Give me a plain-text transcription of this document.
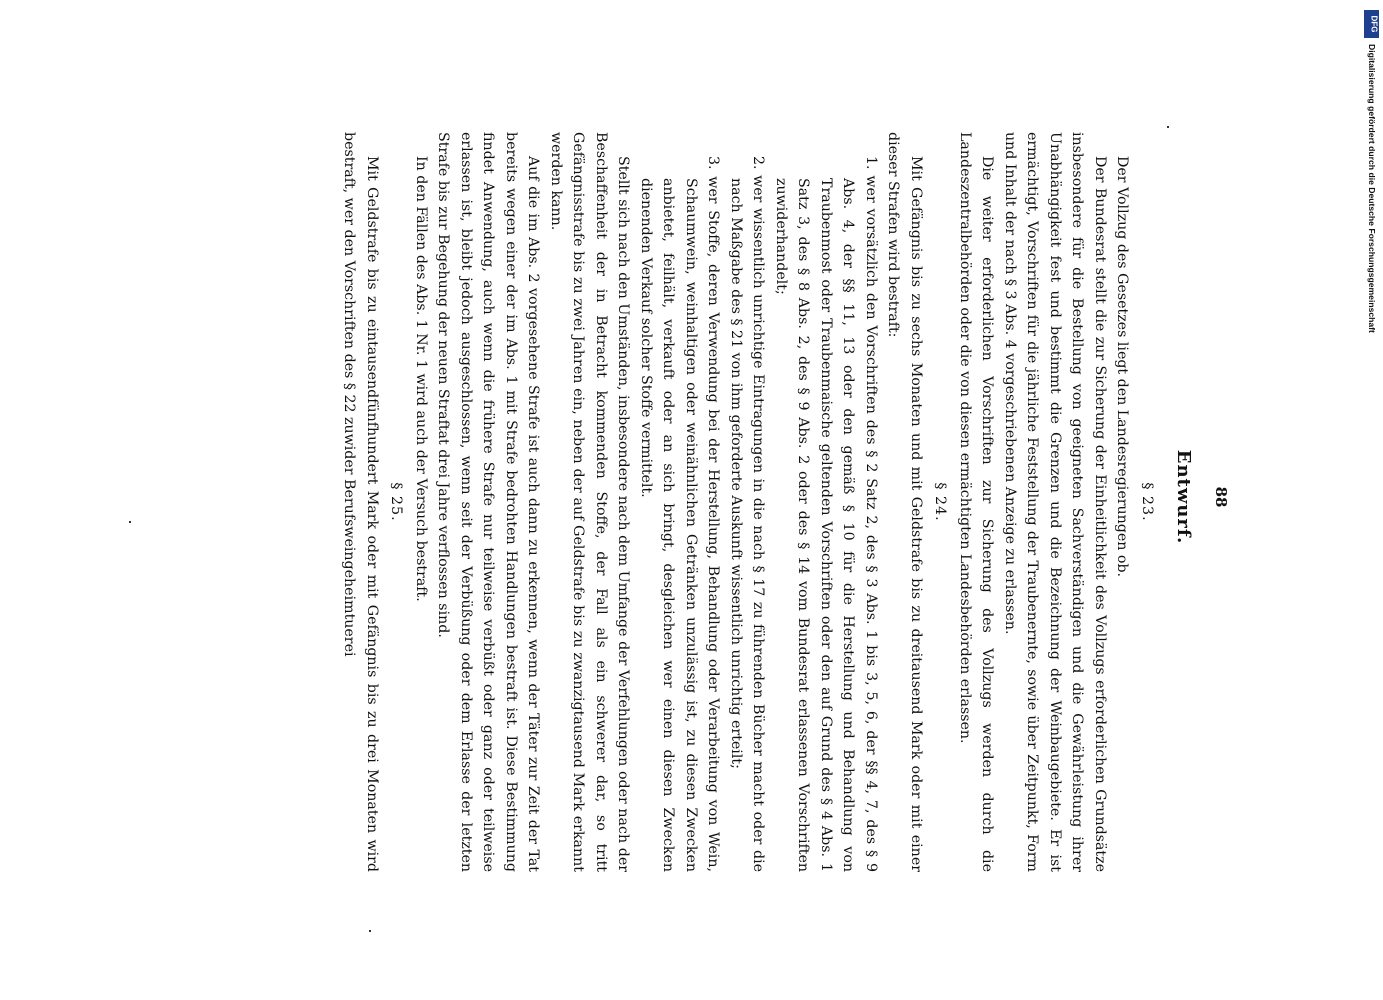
88
Entwurf.
§ 23.

Der Vollzug des Gesetzes liegt den Landesregierungen ob.

Der Bundesrat stellt die zur Sicherung der Einheitlichkeit des Vollzugs erforderlichen Grundsätze insbesondere für die Bestellung von geeigneten Sachverständigen und die Gewährleistung ihrer Unabhängigkeit fest und bestimmt die Grenzen und die Bezeichnung der Weinbaugebiete. Er ist ermächtigt, Vorschriften für die jährliche Feststellung der Traubenernte, sowie über Zeitpunkt, Form und Inhalt der nach § 3 Abs. 4 vorgeschriebenen Anzeige zu erlassen.

Die weiter erforderlichen Vorschriften zur Sicherung des Vollzugs werden durch die Landeszentralbehörden oder die von diesen ermächtigten Landesbehörden erlassen.

§ 24.

Mit Gefängnis bis zu sechs Monaten und mit Geldstrafe bis zu dreitausend Mark oder mit einer dieser Strafen wird bestraft:

1. wer vorsätzlich den Vorschriften des § 2 Satz 2, des § 3 Abs. 1 bis 3, 5, 6, der §§ 4, 7, des § 9 Abs. 4, der §§ 11, 13 oder den gemäß § 10 für die Herstellung und Behandlung von Traubenmost oder Traubenmaische geltenden Vorschriften oder den auf Grund des § 4 Abs. 1 Satz 3, des § 8 Abs. 2, des § 9 Abs. 2 oder des § 14 vom Bundesrat erlassenen Vorschriften zuwiderhandelt;

2. wer wissentlich unrichtige Eintragungen in die nach § 17 zu führenden Bücher macht oder die nach Maßgabe des § 21 von ihm geforderte Auskunft wissentlich unrichtig erteilt;

3. wer Stoffe, deren Verwendung bei der Herstellung, Behandlung oder Verarbeitung von Wein, Schaumwein, weinhaltigen oder weinähnlichen Getränken unzulässig ist, zu diesen Zwecken anbietet, feilhält, verkauft oder an sich bringt, desgleichen wer einen diesen Zwecken dienenden Verkauf solcher Stoffe vermittelt.

Stellt sich nach den Umständen, insbesondere nach dem Umfange der Verfehlungen oder nach der Beschaffenheit der in Betracht kommenden Stoffe, der Fall als ein schwerer dar, so tritt Gefängnisstrafe bis zu zwei Jahren ein, neben der auf Geldstrafe bis zu zwanzigtausend Mark erkannt werden kann.

Auf die im Abs. 2 vorgesehene Strafe ist auch dann zu erkennen, wenn der Täter zur Zeit der Tat bereits wegen einer der im Abs. 1 mit Strafe bedrohten Handlungen bestraft ist. Diese Bestimmung findet Anwendung, auch wenn die frühere Strafe nur teilweise verbüßt oder ganz oder teilweise erlassen ist, bleibt jedoch ausgeschlossen, wenn seit der Verbüßung oder dem Erlasse der letzten Strafe bis zur Begehung der neuen Straftat drei Jahre verflossen sind.

In den Fällen des Abs. 1 Nr. 1 wird auch der Versuch bestraft.

§ 25.

Mit Geldstrafe bis zu eintausendfünfhundert Mark oder mit Gefängnis bis zu drei Monaten wird bestraft, wer den Vorschriften des § 22 zuwider Berufsweingeheimtuerei

DFG
Digitalisierung gefördert durch die Deutsche Forschungsgemeinschaft
